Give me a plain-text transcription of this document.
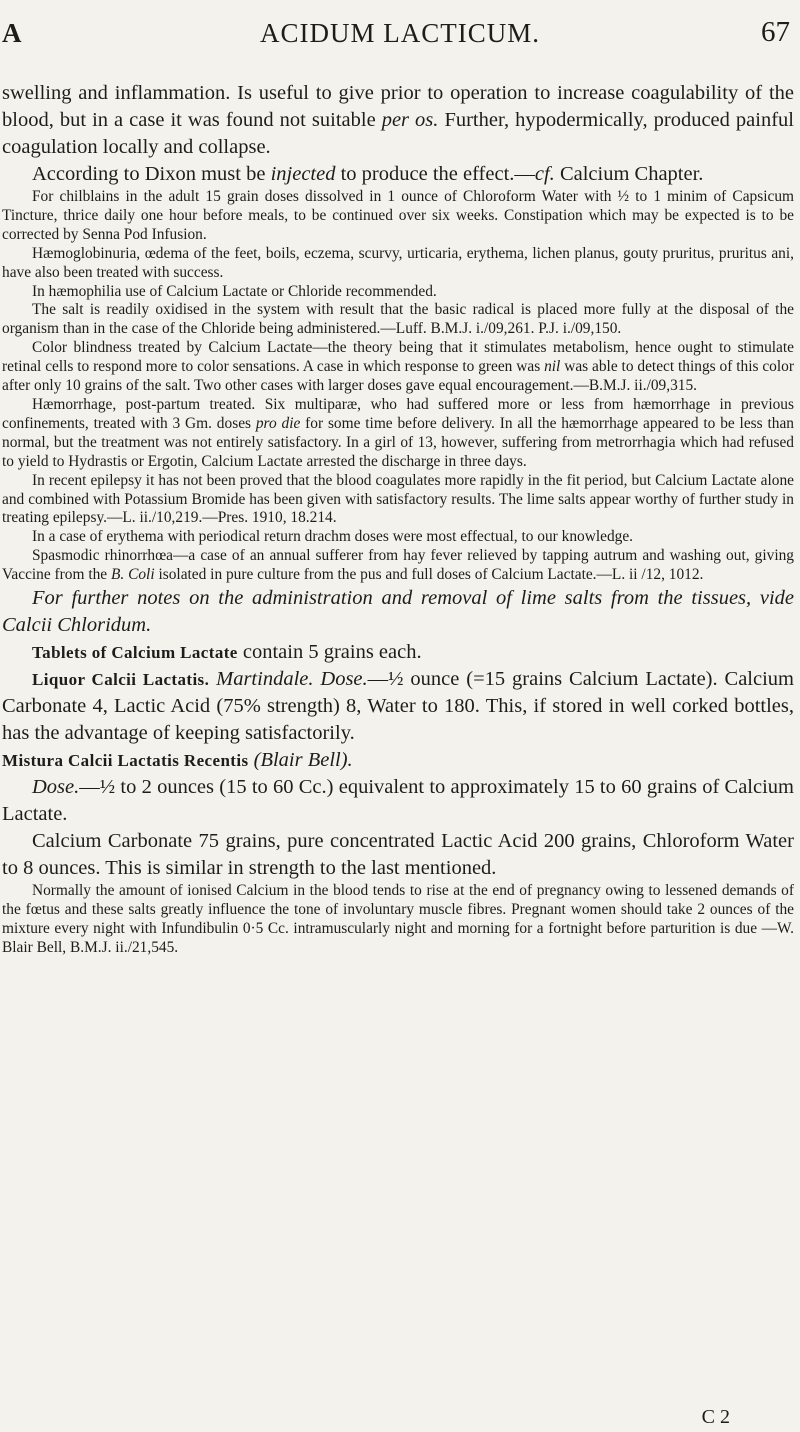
A	ACIDUM LACTICUM.	67

swelling and inflammation. Is useful to give prior to operation to increase coagulability of the blood, but in a case it was found not suitable per os. Further, hypodermically, produced painful coagulation locally and collapse.

According to Dixon must be injected to produce the effect.—cf. Calcium Chapter.

For chilblains in the adult 15 grain doses dissolved in 1 ounce of Chloroform Water with ½ to 1 minim of Capsicum Tincture, thrice daily one hour before meals, to be continued over six weeks. Constipation which may be expected is to be corrected by Senna Pod Infusion.

Hæmoglobinuria, œdema of the feet, boils, eczema, scurvy, urticaria, erythema, lichen planus, gouty pruritus, pruritus ani, have also been treated with success.

In hæmophilia use of Calcium Lactate or Chloride recommended.

The salt is readily oxidised in the system with result that the basic radical is placed more fully at the disposal of the organism than in the case of the Chloride being administered.—Luff. B.M.J. i./09,261. P.J. i./09,150.

Color blindness treated by Calcium Lactate—the theory being that it stimulates metabolism, hence ought to stimulate retinal cells to respond more to color sensations. A case in which response to green was nil was able to detect things of this color after only 10 grains of the salt. Two other cases with larger doses gave equal encouragement.—B.M.J. ii./09,315.

Hæmorrhage, post-partum treated. Six multiparæ, who had suffered more or less from hæmorrhage in previous confinements, treated with 3 Gm. doses pro die for some time before delivery. In all the hæmorrhage appeared to be less than normal, but the treatment was not entirely satisfactory. In a girl of 13, however, suffering from metrorrhagia which had refused to yield to Hydrastis or Ergotin, Calcium Lactate arrested the discharge in three days.

In recent epilepsy it has not been proved that the blood coagulates more rapidly in the fit period, but Calcium Lactate alone and combined with Potassium Bromide has been given with satisfactory results. The lime salts appear worthy of further study in treating epilepsy.—L. ii./10,219.—Pres. 1910, 18.214.

In a case of erythema with periodical return drachm doses were most effectual, to our knowledge.

Spasmodic rhinorrhœa—a case of an annual sufferer from hay fever relieved by tapping autrum and washing out, giving Vaccine from the B. Coli isolated in pure culture from the pus and full doses of Calcium Lactate.—L. ii /12, 1012.

For further notes on the administration and removal of lime salts from the tissues, vide Calcii Chloridum.

Tablets of Calcium Lactate contain 5 grains each.

Liquor Calcii Lactatis. Martindale. Dose.—½ ounce (=15 grains Calcium Lactate). Calcium Carbonate 4, Lactic Acid (75% strength) 8, Water to 180. This, if stored in well corked bottles, has the advantage of keeping satisfactorily.

Mistura Calcii Lactatis Recentis (Blair Bell).

Dose.—½ to 2 ounces (15 to 60 Cc.) equivalent to approximately 15 to 60 grains of Calcium Lactate.

Calcium Carbonate 75 grains, pure concentrated Lactic Acid 200 grains, Chloroform Water to 8 ounces. This is similar in strength to the last mentioned.

Normally the amount of ionised Calcium in the blood tends to rise at the end of pregnancy owing to lessened demands of the fœtus and these salts greatly influence the tone of involuntary muscle fibres. Pregnant women should take 2 ounces of the mixture every night with Infundibulin 0·5 Cc. intramuscularly night and morning for a fortnight before parturition is due —W. Blair Bell, B.M.J. ii./21,545.

C 2
